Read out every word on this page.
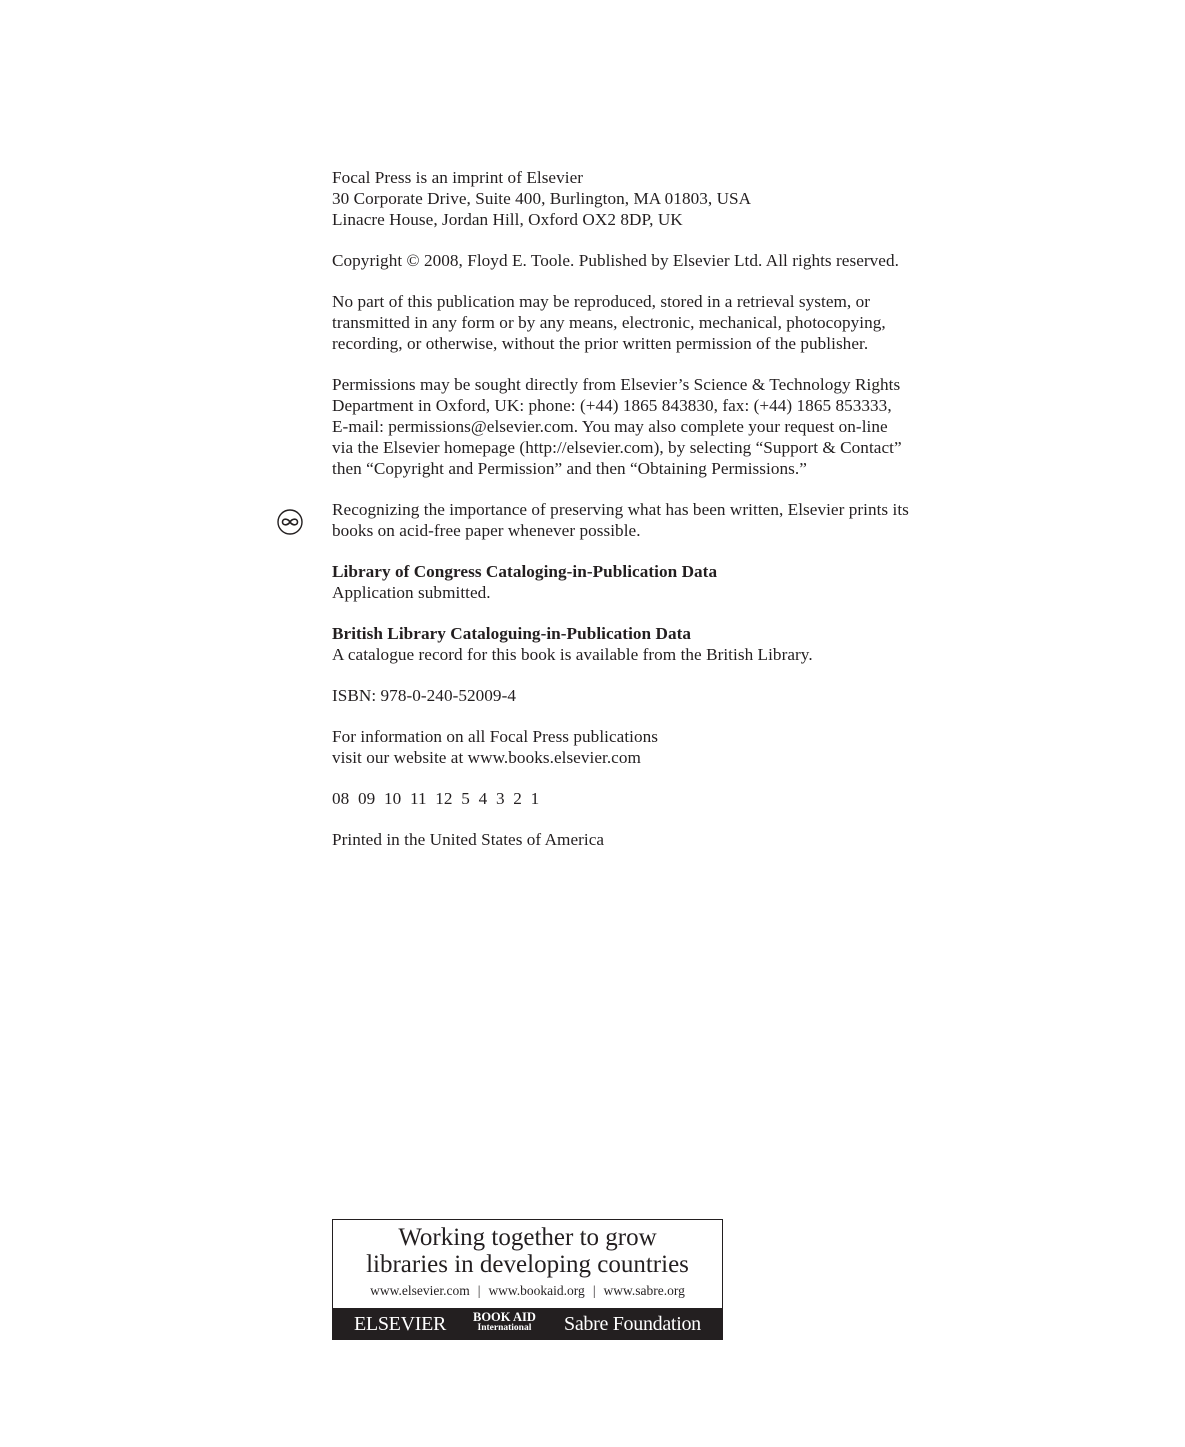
Focal Press is an imprint of Elsevier
30 Corporate Drive, Suite 400, Burlington, MA 01803, USA
Linacre House, Jordan Hill, Oxford OX2 8DP, UK
Copyright © 2008, Floyd E. Toole. Published by Elsevier Ltd. All rights reserved.
No part of this publication may be reproduced, stored in a retrieval system, or
transmitted in any form or by any means, electronic, mechanical, photocopying,
recording, or otherwise, without the prior written permission of the publisher.
Permissions may be sought directly from Elsevier’s Science & Technology Rights
Department in Oxford, UK: phone: (+44) 1865 843830, fax: (+44) 1865 853333,
E-mail: permissions@elsevier.com. You may also complete your request on-line
via the Elsevier homepage (http://elsevier.com), by selecting “Support & Contact”
then “Copyright and Permission” and then “Obtaining Permissions.”
Recognizing the importance of preserving what has been written, Elsevier prints its
books on acid-free paper whenever possible.
Library of Congress Cataloging-in-Publication Data
Application submitted.
British Library Cataloguing-in-Publication Data
A catalogue record for this book is available from the British Library.
ISBN: 978-0-240-52009-4
For information on all Focal Press publications
visit our website at www.books.elsevier.com
08  09  10  11  12  5  4  3  2  1
Printed in the United States of America
Working together to grow
libraries in developing countries
www.elsevier.com | www.bookaid.org | www.sabre.org
ELSEVIER BOOK AID
International Sabre Foundation
